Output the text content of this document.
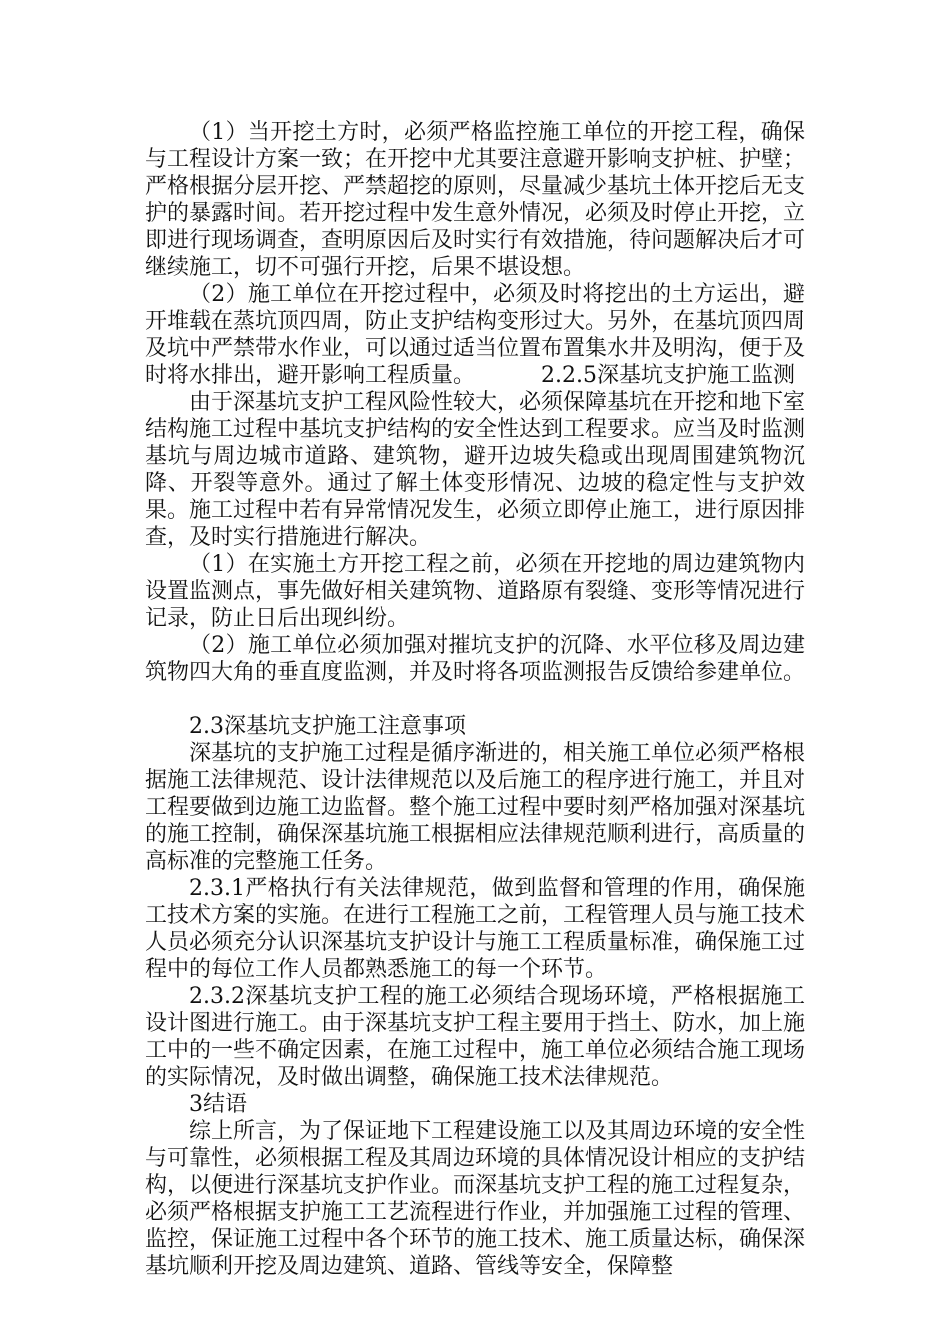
（1）当开挖土方时，必须严格监控施工单位的开挖工程，确保与工程设计方案一致；在开挖中尤其要注意避开影响支护桩、护壁；严格根据分层开挖、严禁超挖的原则，尽量减少基坑土体开挖后无支护的暴露时间。若开挖过程中发生意外情况，必须及时停止开挖，立即进行现场调查，查明原因后及时实行有效措施，待问题解决后才可继续施工，切不可强行开挖，后果不堪设想。

（2）施工单位在开挖过程中，必须及时将挖出的土方运出，避开堆载在蒸坑顶四周，防止支护结构变形过大。另外，在基坑顶四周及坑中严禁带水作业，可以通过适当位置布置集水井及明沟，便于及时将水排出，避开影响工程质量。	2.2.5深基坑支护施工监测

由于深基坑支护工程风险性较大，必须保障基坑在开挖和地下室结构施工过程中基坑支护结构的安全性达到工程要求。应当及时监测基坑与周边城市道路、建筑物，避开边坡失稳或出现周围建筑物沉降、开裂等意外。通过了解土体变形情况、边坡的稳定性与支护效果。施工过程中若有异常情况发生，必须立即停止施工，进行原因排查，及时实行措施进行解决。

（1）在实施土方开挖工程之前，必须在开挖地的周边建筑物内设置监测点，事先做好相关建筑物、道路原有裂缝、变形等情况进行记录，防止日后出现纠纷。

（2）施工单位必须加强对摧坑支护的沉降、水平位移及周边建筑物四大角的垂直度监测，并及时将各项监测报告反馈给参建单位。

2.3深基坑支护施工注意事项

深基坑的支护施工过程是循序渐进的，相关施工单位必须严格根据施工法律规范、设计法律规范以及后施工的程序进行施工，并且对工程要做到边施工边监督。整个施工过程中要时刻严格加强对深基坑的施工控制，确保深基坑施工根据相应法律规范顺利进行，高质量的高标准的完整施工任务。

2.3.1严格执行有关法律规范，做到监督和管理的作用，确保施工技术方案的实施。在进行工程施工之前，工程管理人员与施工技术人员必须充分认识深基坑支护设计与施工工程质量标准，确保施工过程中的每位工作人员都熟悉施工的每一个环节。

2.3.2深基坑支护工程的施工必须结合现场环境，严格根据施工设计图进行施工。由于深基坑支护工程主要用于挡土、防水，加上施工中的一些不确定因素，在施工过程中，施工单位必须结合施工现场的实际情况，及时做出调整，确保施工技术法律规范。

3结语

综上所言，为了保证地下工程建设施工以及其周边环境的安全性与可靠性，必须根据工程及其周边环境的具体情况设计相应的支护结构，以便进行深基坑支护作业。而深基坑支护工程的施工过程复杂，必须严格根据支护施工工艺流程进行作业，并加强施工过程的管理、监控，保证施工过程中各个环节的施工技术、施工质量达标，确保深基坑顺利开挖及周边建筑、道路、管线等安全，保障整
